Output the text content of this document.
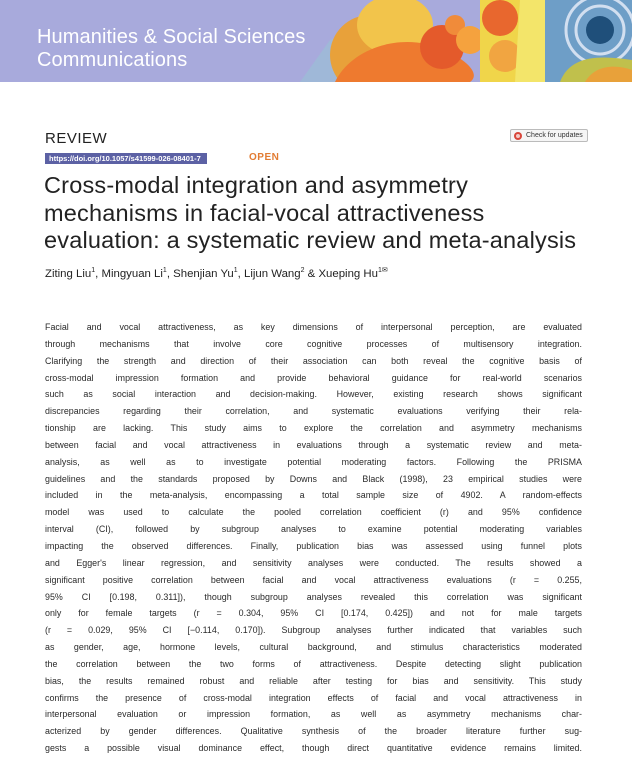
Humanities & Social Sciences
Communications
REVIEW	Check for updates
https://doi.org/10.1057/s41599-026-08401-7	OPEN
Cross-modal integration and asymmetry
mechanisms in facial-vocal attractiveness
evaluation: a systematic review and meta-analysis
Ziting Liu$^1$, Mingyuan Li$^1$, Shenjian Yu$^1$, Lijun Wang$^2$ & Xueping $Hu^{1✉}$
Facial and vocal attractiveness, as key dimensions of interpersonal perception, are evaluated
through mechanisms that involve core cognitive processes of multisensory integration.
Clarifying the strength and direction of their association can both reveal the cognitive basis of
cross-modal impression formation and provide behavioral guidance for real-world scenarios
such as social interaction and decision-making. However, existing research shows significant
discrepancies regarding their correlation, and systematic evaluations verifying their rela-
tionship are lacking. This study aims to explore the correlation and asymmetry mechanisms
between facial and vocal attractiveness in evaluations through a systematic review and meta-
analysis, as well as to investigate potential moderating factors. Following the PRISMA
guidelines and the standards proposed by Downs and Black (1998), 23 empirical studies were
included in the meta-analysis, encompassing a total sample size of 4902. A random-effects
model was used to calculate the pooled correlation coefficient (r) and 95% confidence
interval (CI), followed by subgroup analyses to examine potential moderating variables
impacting the observed differences. Finally, publication bias was assessed using funnel plots
and Egger's linear regression, and sensitivity analyses were conducted. The results showed a
significant positive correlation between facial and vocal attractiveness evaluations (r = 0.255,
95% CI [0.198, 0.311]), though subgroup analyses revealed this correlation was significant
only for female targets (r = 0.304, 95% CI [0.174, 0.425]) and not for male targets
(r = 0.029, 95% CI [−0.114, 0.170]). Subgroup analyses further indicated that variables such
as gender, age, hormone levels, cultural background, and stimulus characteristics moderated
the correlation between the two forms of attractiveness. Despite detecting slight publication
bias, the results remained robust and reliable after testing for bias and sensitivity. This study
confirms the presence of cross-modal integration effects of facial and vocal attractiveness in
interpersonal evaluation or impression formation, as well as asymmetry mechanisms char-
acterized by gender differences. Qualitative synthesis of the broader literature further sug-
gests a possible visual dominance effect, though direct quantitative evidence remains limited.
